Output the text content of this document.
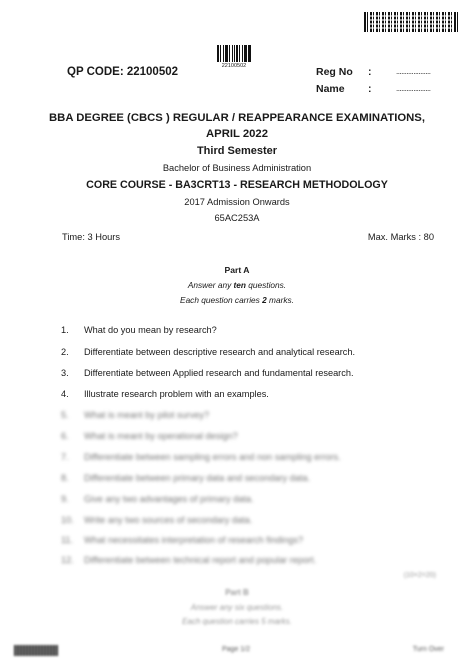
22100502
QP CODE: 22100502	Reg No :	....................
Name :	....................
BBA DEGREE (CBCS ) REGULAR / REAPPEARANCE EXAMINATIONS,
APRIL 2022
Third Semester
Bachelor of Business Administration
CORE COURSE - BA3CRT13 - RESEARCH METHODOLOGY
2017 Admission Onwards
65AC253A
Time: 3 Hours	Max. Marks : 80
Part A
Answer any ten questions.
Each question carries 2 marks.
1. What do you mean by research?
2. Differentiate between descriptive research and analytical research.
3. Differentiate between Applied research and fundamental research.
4. Illustrate research problem with an examples.
5. What is meant by pilot survey?
6. What is meant by operational design?
7. Differentiate between sampling errors and non sampling errors.
8. Differentiate between primary data and secondary data.
9. Give any two advantages of primary data.
10. Write any two sources of secondary data.
11. What necessitates interpretation of research findings?
12. Differentiate between technical report and popular report.
(10×2=20)
Part B
Answer any six questions.
Each question carries 5 marks.
Page 1/2	Turn Over
